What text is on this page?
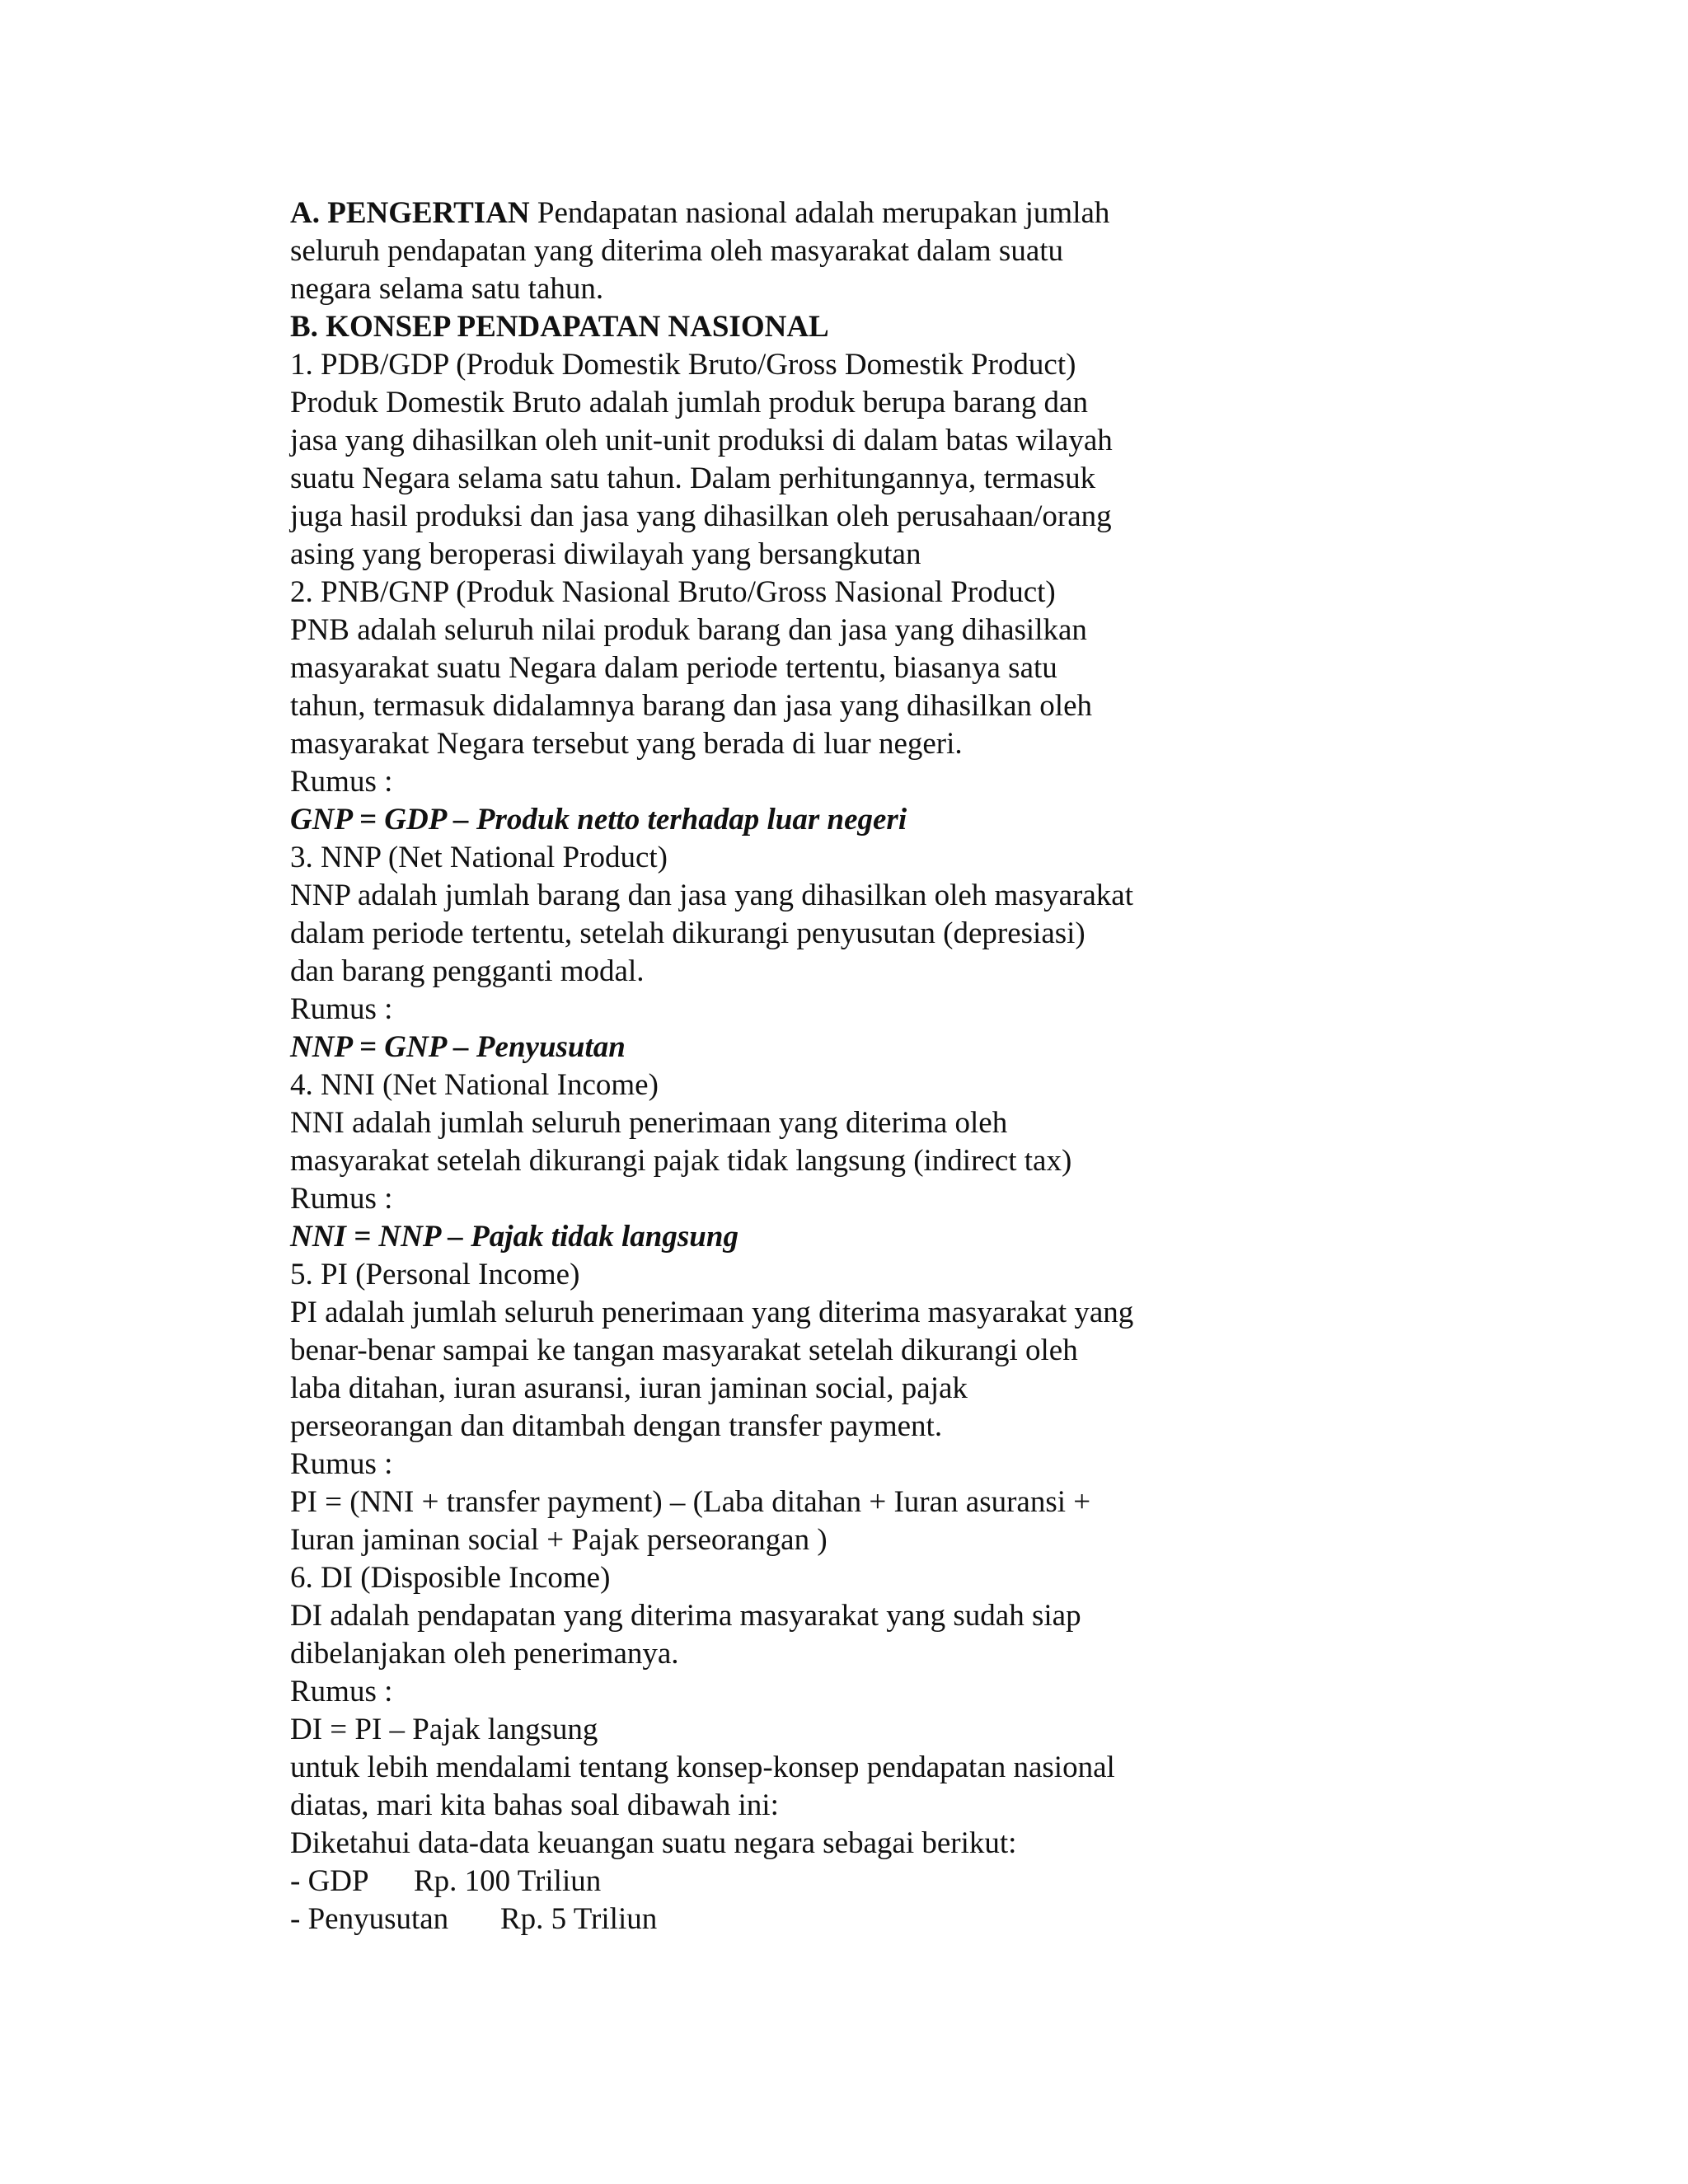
A. PENGERTIAN Pendapatan nasional adalah merupakan jumlah
seluruh pendapatan yang diterima oleh masyarakat dalam suatu
negara selama satu tahun.
B. KONSEP PENDAPATAN NASIONAL
1. PDB/GDP (Produk Domestik Bruto/Gross Domestik Product)
Produk Domestik Bruto adalah jumlah produk berupa barang dan
jasa yang dihasilkan oleh unit-unit produksi di dalam batas wilayah
suatu Negara selama satu tahun. Dalam perhitungannya, termasuk
juga hasil produksi dan jasa yang dihasilkan oleh perusahaan/orang
asing yang beroperasi diwilayah yang bersangkutan
2. PNB/GNP (Produk Nasional Bruto/Gross Nasional Product)
PNB adalah seluruh nilai produk barang dan jasa yang dihasilkan
masyarakat suatu Negara dalam periode tertentu, biasanya satu
tahun, termasuk didalamnya barang dan jasa yang dihasilkan oleh
masyarakat Negara tersebut yang berada di luar negeri.
Rumus :
GNP = GDP – Produk netto terhadap luar negeri
3. NNP (Net National Product)
NNP adalah jumlah barang dan jasa yang dihasilkan oleh masyarakat
dalam periode tertentu, setelah dikurangi penyusutan (depresiasi)
dan barang pengganti modal.
Rumus :
NNP = GNP – Penyusutan
4. NNI (Net National Income)
NNI adalah jumlah seluruh penerimaan yang diterima oleh
masyarakat setelah dikurangi pajak tidak langsung (indirect tax)
Rumus :
NNI = NNP – Pajak tidak langsung
5. PI (Personal Income)
PI adalah jumlah seluruh penerimaan yang diterima masyarakat yang
benar-benar sampai ke tangan masyarakat setelah dikurangi oleh
laba ditahan, iuran asuransi, iuran jaminan social, pajak
perseorangan dan ditambah dengan transfer payment.
Rumus :
PI = (NNI + transfer payment) – (Laba ditahan + Iuran asuransi +
Iuran jaminan social + Pajak perseorangan )
6. DI (Disposible Income)
DI adalah pendapatan yang diterima masyarakat yang sudah siap
dibelanjakan oleh penerimanya.
Rumus :
DI = PI – Pajak langsung
untuk lebih mendalami tentang konsep-konsep pendapatan nasional
diatas, mari kita bahas soal dibawah ini:
Diketahui data-data keuangan suatu negara sebagai berikut:
- GDP Rp. 100 Triliun
- Penyusutan Rp. 5 Triliun
